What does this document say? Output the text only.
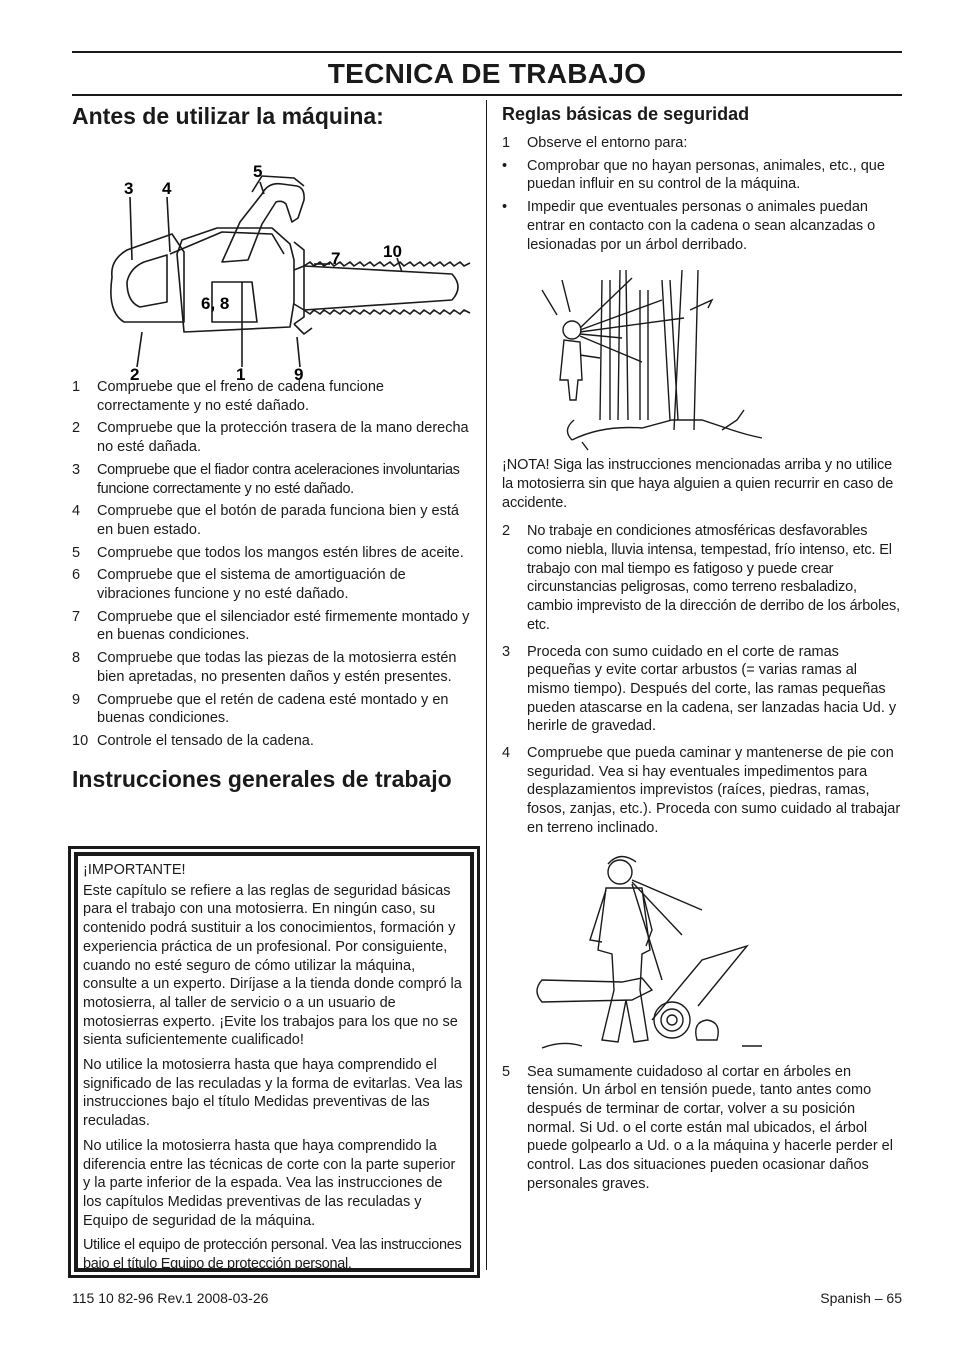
TECNICA DE TRABAJO
Antes de utilizar la máquina:
3 4
5
7	10
6, 8
2	1	9
1 Compruebe que el freno de cadena funcione correctamente y no esté dañado.
2 Compruebe que la protección trasera de la mano derecha no esté dañada.
3 Compruebe que el fiador contra aceleraciones involuntarias funcione correctamente y no esté dañado.
4 Compruebe que el botón de parada funciona bien y está en buen estado.
5 Compruebe que todos los mangos estén libres de aceite.
6 Compruebe que el sistema de amortiguación de vibraciones funcione y no esté dañado.
7 Compruebe que el silenciador esté firmemente montado y en buenas condiciones.
8 Compruebe que todas las piezas de la motosierra estén bien apretadas, no presenten daños y estén presentes.
9 Compruebe que el retén de cadena esté montado y en buenas condiciones.
10 Controle el tensado de la cadena.
Instrucciones generales de trabajo

¡IMPORTANTE!

Este capítulo se refiere a las reglas de seguridad básicas para el trabajo con una motosierra. En ningún caso, su contenido podrá sustituir a los conocimientos, formación y experiencia práctica de un profesional. Por consiguiente, cuando no esté seguro de cómo utilizar la máquina, consulte a un experto. Diríjase a la tienda donde compró la motosierra, al taller de servicio o a un usuario de motosierras experto. ¡Evite los trabajos para los que no se sienta suficientemente cualificado!

No utilice la motosierra hasta que haya comprendido el significado de las reculadas y la forma de evitarlas. Vea las instrucciones bajo el título Medidas preventivas de las reculadas.

No utilice la motosierra hasta que haya comprendido la diferencia entre las técnicas de corte con la parte superior y la parte inferior de la espada. Vea las instrucciones de los capítulos Medidas preventivas de las reculadas y Equipo de seguridad de la máquina.

Utilice el equipo de protección personal. Vea las instrucciones bajo el título Equipo de protección personal.

Reglas básicas de seguridad
1 Observe el entorno para:
• Comprobar que no hayan personas, animales, etc., que puedan influir en su control de la máquina.
• Impedir que eventuales personas o animales puedan entrar en contacto con la cadena o sean alcanzadas o lesionadas por un árbol derribado.

¡NOTA! Siga las instrucciones mencionadas arriba y no utilice la motosierra sin que haya alguien a quien recurrir en caso de accidente.

2 No trabaje en condiciones atmosféricas desfavorables como niebla, lluvia intensa, tempestad, frío intenso, etc. El trabajo con mal tiempo es fatigoso y puede crear circunstancias peligrosas, como terreno resbaladizo, cambio imprevisto de la dirección de derribo de los árboles, etc.
3 Proceda con sumo cuidado en el corte de ramas pequeñas y evite cortar arbustos (= varias ramas al mismo tiempo). Después del corte, las ramas pequeñas pueden atascarse en la cadena, ser lanzadas hacia Ud. y herirle de gravedad.
4 Compruebe que pueda caminar y mantenerse de pie con seguridad. Vea si hay eventuales impedimentos para desplazamientos imprevistos (raíces, piedras, ramas, fosos, zanjas, etc.). Proceda con sumo cuidado al trabajar en terreno inclinado.
5 Sea sumamente cuidadoso al cortar en árboles en tensión. Un árbol en tensión puede, tanto antes como después de terminar de cortar, volver a su posición normal. Si Ud. o el corte están mal ubicados, el árbol puede golpearlo a Ud. o a la máquina y hacerle perder el control. Las dos situaciones pueden ocasionar daños personales graves.
115 10 82-96 Rev.1 2008-03-26	Spanish – 65
